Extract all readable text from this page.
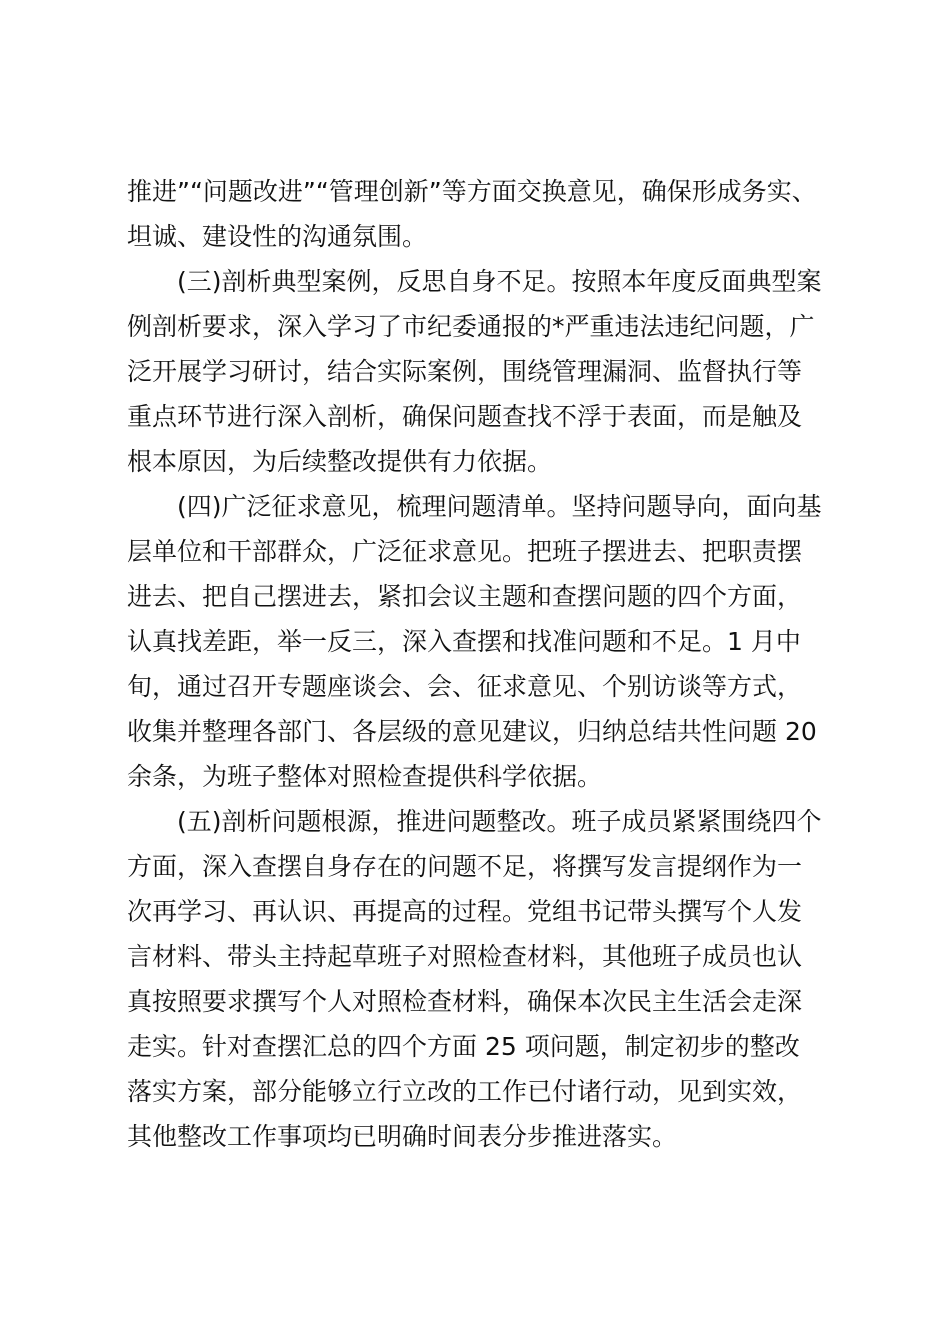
推进”“问题改进”“管理创新”等方面交换意见，确保形成务实、
坦诚、建设性的沟通氛围。
(三)剖析典型案例，反思自身不足。按照本年度反面典型案
例剖析要求，深入学习了市纪委通报的*严重违法违纪问题，广
泛开展学习研讨，结合实际案例，围绕管理漏洞、监督执行等
重点环节进行深入剖析，确保问题查找不浮于表面，而是触及
根本原因，为后续整改提供有力依据。
(四)广泛征求意见，梳理问题清单。坚持问题导向，面向基
层单位和干部群众，广泛征求意见。把班子摆进去、把职责摆
进去、把自己摆进去，紧扣会议主题和查摆问题的四个方面，
认真找差距，举一反三，深入查摆和找准问题和不足。1 月中
旬，通过召开专题座谈会、会、征求意见、个别访谈等方式，
收集并整理各部门、各层级的意见建议，归纳总结共性问题 20
余条，为班子整体对照检查提供科学依据。
(五)剖析问题根源，推进问题整改。班子成员紧紧围绕四个
方面，深入查摆自身存在的问题不足，将撰写发言提纲作为一
次再学习、再认识、再提高的过程。党组书记带头撰写个人发
言材料、带头主持起草班子对照检查材料，其他班子成员也认
真按照要求撰写个人对照检查材料，确保本次民主生活会走深
走实。针对查摆汇总的四个方面 25 项问题，制定初步的整改
落实方案，部分能够立行立改的工作已付诸行动，见到实效，
其他整改工作事项均已明确时间表分步推进落实。
